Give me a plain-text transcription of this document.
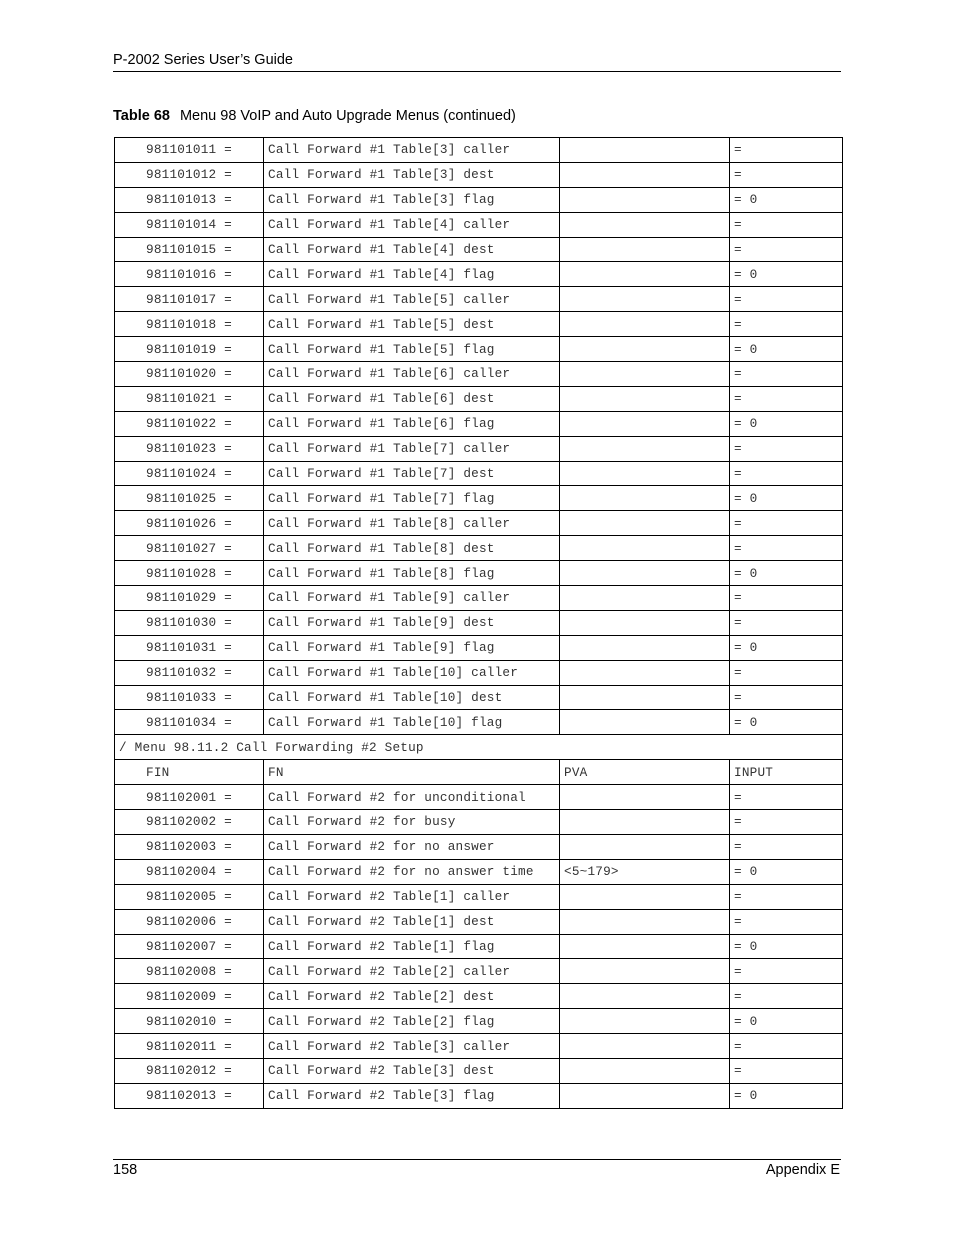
P-2002 Series User’s Guide
Table 68 Menu 98 VoIP and Auto Upgrade Menus (continued)
981101011 =	Call Forward #1 Table[3] caller		=
981101012 =	Call Forward #1 Table[3] dest		=
981101013 =	Call Forward #1 Table[3] flag		= 0
981101014 =	Call Forward #1 Table[4] caller		=
981101015 =	Call Forward #1 Table[4] dest		=
981101016 =	Call Forward #1 Table[4] flag		= 0
981101017 =	Call Forward #1 Table[5] caller		=
981101018 =	Call Forward #1 Table[5] dest		=
981101019 =	Call Forward #1 Table[5] flag		= 0
981101020 =	Call Forward #1 Table[6] caller		=
981101021 =	Call Forward #1 Table[6] dest		=
981101022 =	Call Forward #1 Table[6] flag		= 0
981101023 =	Call Forward #1 Table[7] caller		=
981101024 =	Call Forward #1 Table[7] dest		=
981101025 =	Call Forward #1 Table[7] flag		= 0
981101026 =	Call Forward #1 Table[8] caller		=
981101027 =	Call Forward #1 Table[8] dest		=
981101028 =	Call Forward #1 Table[8] flag		= 0
981101029 =	Call Forward #1 Table[9] caller		=
981101030 =	Call Forward #1 Table[9] dest		=
981101031 =	Call Forward #1 Table[9] flag		= 0
981101032 =	Call Forward #1 Table[10] caller		=
981101033 =	Call Forward #1 Table[10] dest		=
981101034 =	Call Forward #1 Table[10] flag		= 0
/ Menu 98.11.2 Call Forwarding #2 Setup			
FIN	FN	PVA	INPUT
981102001 =	Call Forward #2 for unconditional		=
981102002 =	Call Forward #2 for busy		=
981102003 =	Call Forward #2 for no answer		=
981102004 =	Call Forward #2 for no answer time	<5~179>	= 0
981102005 =	Call Forward #2 Table[1] caller		=
981102006 =	Call Forward #2 Table[1] dest		=
981102007 =	Call Forward #2 Table[1] flag		= 0
981102008 =	Call Forward #2 Table[2] caller		=
981102009 =	Call Forward #2 Table[2] dest		=
981102010 =	Call Forward #2 Table[2] flag		= 0
981102011 =	Call Forward #2 Table[3] caller		=
981102012 =	Call Forward #2 Table[3] dest		=
981102013 =	Call Forward #2 Table[3] flag		= 0
158	Appendix E
